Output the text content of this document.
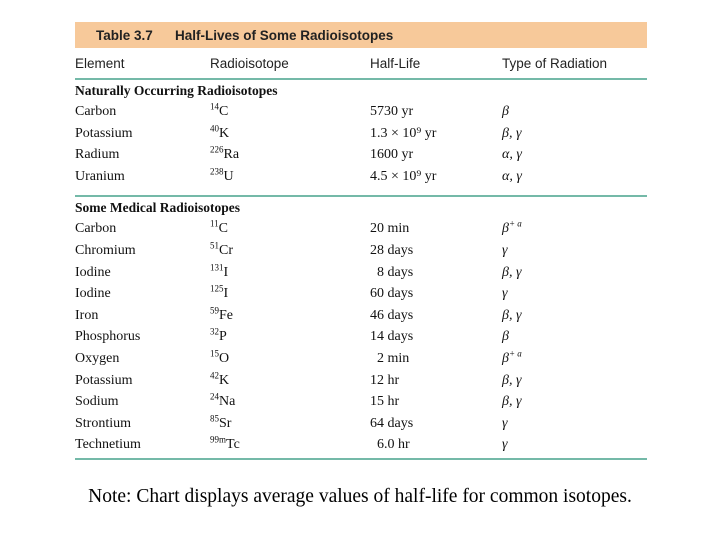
Table 3.7	Half-Lives of Some Radioisotopes
Element	Radioisotope	Half-Life	Type of Radiation
Naturally Occurring Radioisotopes
Carbon	$^{14}$C	5730 yr	β
Potassium	$^{40}$K	1.3 × 10⁹ yr	β, γ
Radium	$^{226}$Ra	1600 yr	α, γ
Uranium	$^{238}$U	4.5 × 10⁹ yr	α, γ
Some Medical Radioisotopes
Carbon	$^{11}$C	20 min	$\beta^{+ a}$
Chromium	$^{51}$Cr	28 days	γ
Iodine	$^{131}$I	8 days	β, γ
Iodine	$^{125}$I	60 days	γ
Iron	$^{59}$Fe	46 days	β, γ
Phosphorus	$^{32}$P	14 days	β
Oxygen	$^{15}$O	2 min	$\beta^{+ a}$
Potassium	$^{42}$K	12 hr	β, γ
Sodium	$^{24}$Na	15 hr	β, γ
Strontium	$^{85}$Sr	64 days	γ
Technetium	$^{99m}$Tc	6.0 hr	γ
Note: Chart displays average values of half-life for common isotopes.
